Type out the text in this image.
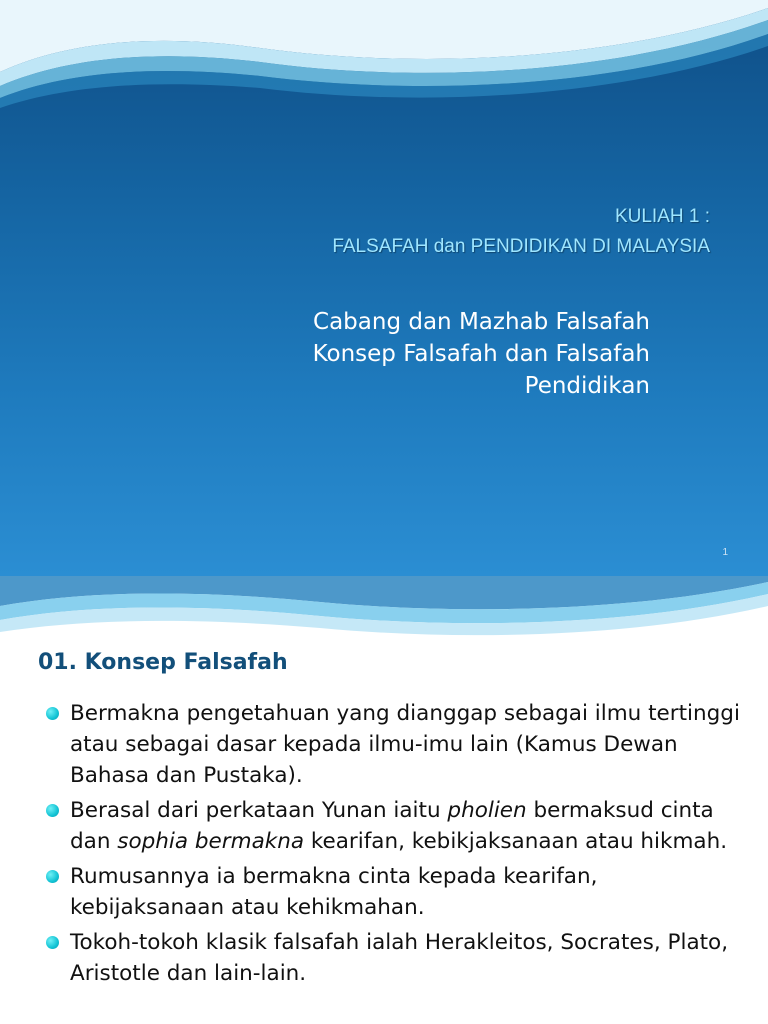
KULIAH 1 :
FALSAFAH dan PENDIDIKAN DI MALAYSIA
Cabang dan Mazhab Falsafah
Konsep Falsafah dan Falsafah
Pendidikan
1
01. Konsep Falsafah
Bermakna pengetahuan yang dianggap sebagai ilmu tertinggi atau sebagai dasar kepada ilmu-imu lain (Kamus Dewan Bahasa dan Pustaka).
Berasal dari perkataan Yunan iaitu pholien bermaksud cinta dan sophia bermakna kearifan, kebikjaksanaan atau hikmah.
Rumusannya ia bermakna cinta kepada kearifan, kebijaksanaan atau kehikmahan.
Tokoh-tokoh klasik falsafah ialah Herakleitos, Socrates, Plato, Aristotle dan lain-lain.
